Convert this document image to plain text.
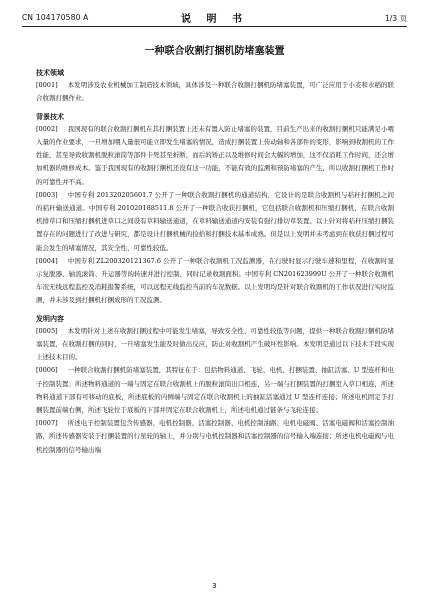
CN 104170580 A	说 明 书	1/3 页
一种联合收割打捆机防堵塞装置
技术领域

[0001] 本发明涉及农业机械加工制造技术领域，具体涉及一种联合收割打捆机防堵塞装置，可广泛应用于小麦和水稻的联合收割打捆作业。

背景技术

[0002] 我国现有的联合收割打捆机在其打捆装置上还未有置入防止堵塞的装置，目前生产出来的收割打捆机只能满足小喂入量的作业要求，一旦增加喂入量很可能立即发生堵塞的情况，造成打捆装置上传动轴和各部件的变形，影响到收割机的工作性能，甚至导致收割机脱粒滚筒等部件卡死甚至折断，而后的矫正以及维修时间会大幅的增加，这不仅消耗工作时间，还会增加机器的维修成本。鉴于我国现有的收割打捆机还没有这一功能，不能有效的监测和预防堵塞的产生，所以收割打捆机工作时的可靠性并不高。

[0003] 中国专利 201320205601.7 公开了一种联合收割打捆机的通道结构，它设计的是联合收割机与秸秆打捆机之间的秸秆输送通道。中国专利 201020188511.8 公开了一种联合收获打捆机，它包括联合收割机和压缩打捆机，在联合收割机排草口和压缩打捆机进草口之间设有草料输送通道，在草料输送通道内安装有强行排切草装置。以上针对将秸秆压缩打捆装置存在的问题进行了改进与研究，都是设计打捆机械的捡拾和打捆技术基本成熟。但是以上发明并未考虑到在收获打捆过程可能会发生的堵塞情况，其安全性、可靠性较低。

[0004] 中国专利 ZL200320121367.6 公开了一种联合收割机工况监测器，在行驶时显示行驶车速和里程，在收割时显示复脱器、轴流滚筒、升运器等的转速并进行控制，同时记录收割面积。中国专利 CN201623999U 公开了一种联合收割机车况无线远程监控及消耗报警系统，可以远程无线监控当前的车况数据。以上发明均是针对联合收割机的工作状况进行实时监测，并未涉及到打捆机打捆成形的工况监测。

发明内容

[0005] 本发明针对上述在收割打捆过程中可能发生堵塞，导致安全性、可靠性较低等问题，提供一种联合收割打捆机防堵塞装置，在收割打捆的同时，一旦堵塞发生能及时做出反应，防止对收割机产生破坏性影响。本发明是通过以下技术手段实现上述技术目的。

[0006] 一种联合收割打捆机防堵塞装置，其特征在于：包括物料通道、飞轮、电机、打捆装置、抽缸活塞、U 型连杆和电子控制装置；所述物料通道的一端与固定在联合收割机上的脱粒滚筒出口相连，另一端与打捆装置的打捆室入草口相连，所述物料通道下部有可移动的底板，所述底板的内侧端与固定在联合收割机上的抽缸活塞通过 U 型连杆连接；所述电机固定于打捆装置前端右侧，所述飞轮位于底板的下部并固定在联合收割机上，所述电机通过链条与飞轮连接；

[0007] 所述电子控制装置包含传感器、电机控制器、活塞控制器、电机控制油路、电机电磁阀、活塞电磁阀和活塞控制油路，所述传感器安装于打捆装置的行星轮的轴上，并分别与电机控制器和活塞控制器的信号输入端连接；所述电机电磁阀与电机控制器的信号输出端

3
